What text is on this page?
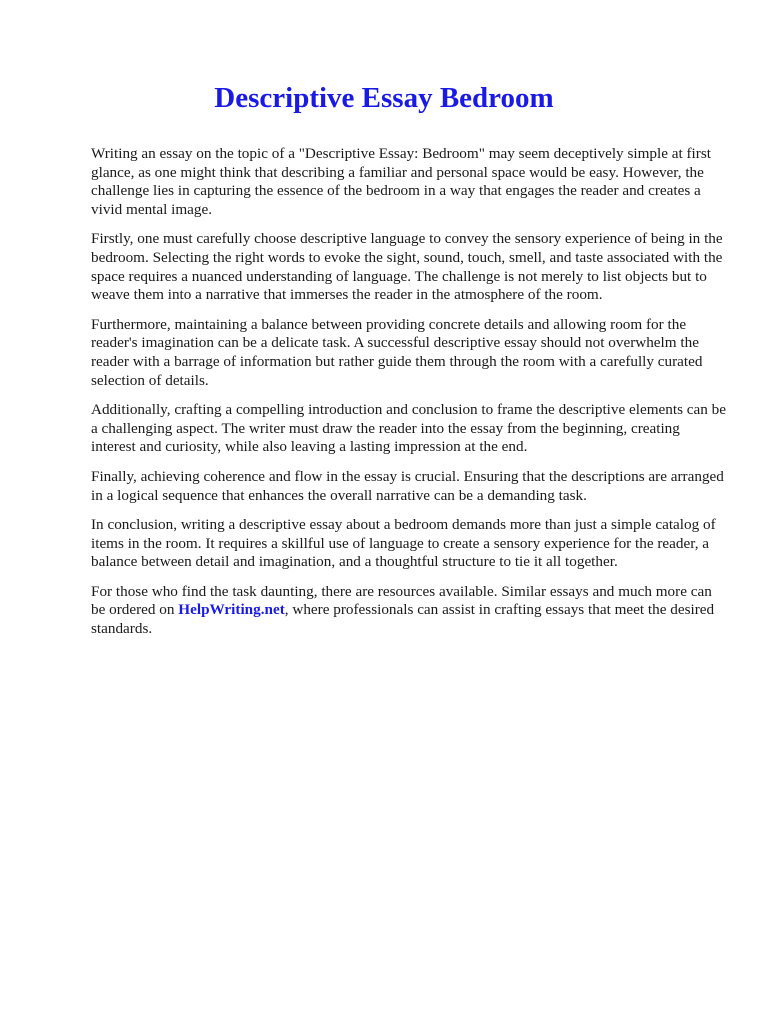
Descriptive Essay Bedroom

Writing an essay on the topic of a "Descriptive Essay: Bedroom" may seem deceptively simple at first glance, as one might think that describing a familiar and personal space would be easy. However, the challenge lies in capturing the essence of the bedroom in a way that engages the reader and creates a vivid mental image.

Firstly, one must carefully choose descriptive language to convey the sensory experience of being in the bedroom. Selecting the right words to evoke the sight, sound, touch, smell, and taste associated with the space requires a nuanced understanding of language. The challenge is not merely to list objects but to weave them into a narrative that immerses the reader in the atmosphere of the room.

Furthermore, maintaining a balance between providing concrete details and allowing room for the reader's imagination can be a delicate task. A successful descriptive essay should not overwhelm the reader with a barrage of information but rather guide them through the room with a carefully curated selection of details.

Additionally, crafting a compelling introduction and conclusion to frame the descriptive elements can be a challenging aspect. The writer must draw the reader into the essay from the beginning, creating interest and curiosity, while also leaving a lasting impression at the end.

Finally, achieving coherence and flow in the essay is crucial. Ensuring that the descriptions are arranged in a logical sequence that enhances the overall narrative can be a demanding task.

In conclusion, writing a descriptive essay about a bedroom demands more than just a simple catalog of items in the room. It requires a skillful use of language to create a sensory experience for the reader, a balance between detail and imagination, and a thoughtful structure to tie it all together.

For those who find the task daunting, there are resources available. Similar essays and much more can be ordered on HelpWriting.net, where professionals can assist in crafting essays that meet the desired standards.
